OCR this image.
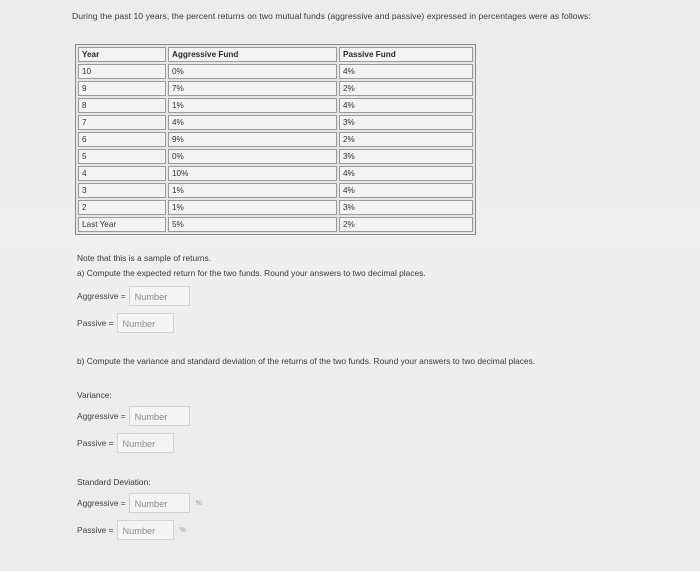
During the past 10 years, the percent returns on two mutual funds (aggressive and passive) expressed in percentages were as follows:
Year	Aggressive Fund	Passive Fund
10	0%	4%
9	7%	2%
8	1%	4%
7	4%	3%
6	9%	2%
5	0%	3%
4	10%	4%
3	1%	4%
2	1%	3%
Last Year	5%	2%
Note that this is a sample of returns.
a) Compute the expected return for the two funds. Round your answers to two decimal places.
Aggressive = Number
Passive = Number
b) Compute the variance and standard deviation of the returns of the two funds. Round your answers to two decimal places.
Variance:
Aggressive = Number
Passive = Number
Standard Deviation:
Aggressive = Number	%
Passive = Number	%
